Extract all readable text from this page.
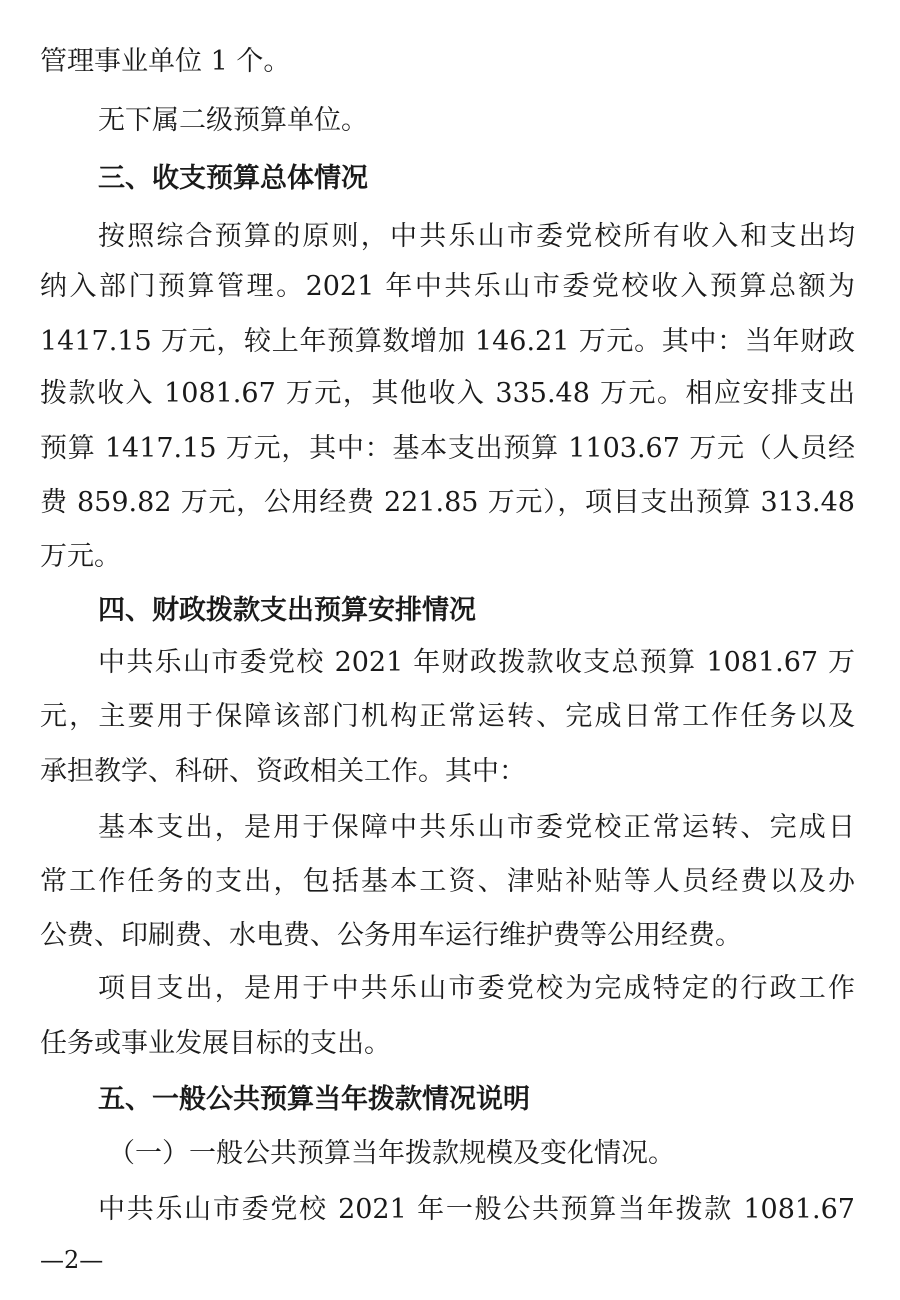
管理事业单位 1 个。
无下属二级预算单位。
三、收支预算总体情况
按照综合预算的原则，中共乐山市委党校所有收入和支出均
纳入部门预算管理。2021 年中共乐山市委党校收入预算总额为
1417.15 万元，较上年预算数增加 146.21 万元。其中：当年财政
拨款收入 1081.67 万元，其他收入 335.48 万元。相应安排支出
预算 1417.15 万元，其中：基本支出预算 1103.67 万元（人员经
费 859.82 万元，公用经费 221.85 万元），项目支出预算 313.48
万元。
四、财政拨款支出预算安排情况
中共乐山市委党校 2021 年财政拨款收支总预算 1081.67 万
元，主要用于保障该部门机构正常运转、完成日常工作任务以及
承担教学、科研、资政相关工作。其中：
基本支出，是用于保障中共乐山市委党校正常运转、完成日
常工作任务的支出，包括基本工资、津贴补贴等人员经费以及办
公费、印刷费、水电费、公务用车运行维护费等公用经费。
项目支出，是用于中共乐山市委党校为完成特定的行政工作
任务或事业发展目标的支出。
五、一般公共预算当年拨款情况说明
（一）一般公共预算当年拨款规模及变化情况。
中共乐山市委党校 2021 年一般公共预算当年拨款 1081.67
—2—
